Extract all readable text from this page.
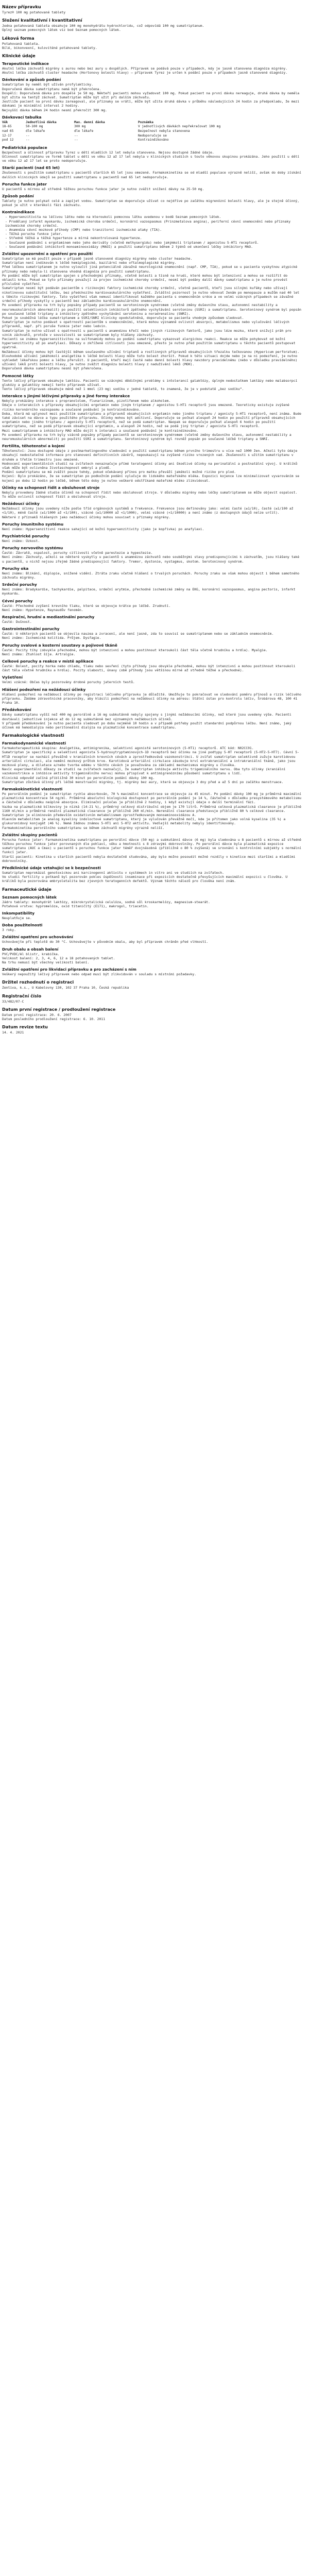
Název přípravku

Tyrez® 100 mg potahované tablety

Složení kvalitativní i kvantitativní

Jedna potahovaná tableta obsahuje 100 mg monohydrátu hydrochloridu, což odpovídá 100 mg sumatriptanum.

Úplný seznam pomocných látek viz bod Seznam pomocných látek.

Léková forma

Potahovaná tableta.

Bílé, bikonvexní, kuloviténé potahované tablety.

Klinické údaje
Terapeutické indikace

Akutní léčba záchvatů migrény s aurou nebo bez aury u dospělých. Přípravek se podává pouze v případech, kdy je jasně stanovena diagnóza migrény.

Akutní léčba záchvatů cluster headache (Hortonovy bolesti hlavy) – přípravek Tyrez je určen k podání pouze v případech jasně stanovené diagnózy.

Dávkování a způsob podání

Sumatriptan by neměl být užíván profylakticky.

Doporučená dávka sumatriptanu nemá být překročena.

Dospělí: Doporučená dávka pro dospělé je 50 mg. Někteří pacienti mohou vyžadovat 100 mg. Pokud pacient na první dávku nereaguje, druhá dávka by neměla být užita na tentýž záchvat. Sumatriptan může být užit při dalším záchvatu.

Jestliže pacient na první dávku zareagoval, ale příznaky se vrátí, může být užita druhá dávka v průběhu následujících 24 hodin za předpokladu, že mezi dávkami je minimální interval 2 hodiny.

Nejvyšší dávka během 24 hodin nesmí překročit 300 mg.

Dávkovací tabulka
Věk	Jednotlivá dávka	Max. denní dávka	Poznámka
18-65	50-100 mg	300 mg	V jednotlivých dávkách nepřekračovat 100 mg
nad 65	dle lékaře	dle lékaře	Bezpečnost nebyla stanovena
12-17	--	--	Nedoporučuje se
pod 12	--	--	Kontraindikováno
Pediatrická populace

Bezpečnost a účinnost přípravku Tyrez u dětí mladších 12 let nebyla stanovena. Nejsou dostupné žádné údaje.

Účinnost sumatriptanu ve formě tablet u dětí ve věku 12 až 17 let nebyla v klinických studiích s touto věkovou skupinou prokázána. Jeho použití u dětí ve věku 12 až 17 let se proto nedoporučuje.

Starší pacienti (nad 65 let)

Zkušenosti s použitím sumatriptanu u pacientů starších 65 let jsou omezené. Farmakokinetika se od mladší populace výrazně neliší, avšak do doby získání dalších klinických údajů se použití sumatriptanu u pacientů nad 65 let nedoporučuje.

Porucha funkce jater

U pacientů s mírnou až středně těžkou poruchou funkce jater je nutno zvážit snížení dávky na 25-50 mg.

Způsob podání

Tablety je nutno polykat celé a zapíjet vodou. Sumatriptan se doporučuje užívat co nejdříve po začátku migrenózní bolesti hlavy, ale je stejně účinný, pokud je užit v kterékoli fázi záchvatu.

Kontraindikace

- Hypersenzitivita na léčivou látku nebo na kteroukoli pomocnou látku uvedenou v bodě Seznam pomocných látek.

- Prodělaný infarkt myokardu, ischemická choroba srdeční, koronární vazospasmus (Prinzmetalova angina), periferní cévní onemocnění nebo příznaky ischemické choroby srdeční.

- Anamnéza cévní mozkové příhody (CMP) nebo tranzitorní ischemické ataky (TIA).

- Těžká porucha funkce jater.

- Středně těžká a těžká hypertenze a mírná nekontrolovaná hypertenze.

- Současné podávání s ergotaminem nebo jeho deriváty (včetně methysergidu) nebo jakýmkoli triptanem / agonistou 5-HT1 receptorů.

- Současné podávání inhibitorů monoaminooxidázy (MAOI) a použití sumatriptanu během 2 týdnů od ukončení léčby inhibitory MAO.

Zvláštní upozornění a opatření pro použití

Sumatriptan se má použít pouze v případě jasně stanovené diagnózy migrény nebo cluster headache.

Sumatriptan není indikován k léčbě hemiplegické, bazilární nebo oftalmoplegické migrény.

Před léčbou sumatriptanem je nutno vyloučit jiná potenciálně závažná neurologická onemocnění (např. CMP, TIA), pokud se u pacienta vyskytnou atypické příznaky nebo nebyla-li stanovena vhodná diagnóza pro použití sumatriptanu.

Po podání může být sumatriptan spojen s přechodnými příznaky, včetně bolesti a tísně na hrudi, které mohou být intenzivní a mohou se rozšířit do oblasti krku. Pokud se tyto příznaky považují za projev ischemické choroby srdeční, nesmí být podány další dávky sumatriptanu a je nutno provést příslušné vyšetření.

Sumatriptan nesmí být podáván pacientům s rizikovými faktory ischemické choroby srdeční, včetně pacientů, kteří jsou silnými kuřáky nebo užívají nikotinovou substituční léčbu, bez předchozího kardiovaskulárního vyšetření. Zvláštní pozornost je nutno věnovat ženám po menopauze a mužům nad 40 let s těmito rizikovými faktory. Tato vyšetření však nemusí identifikovat každého pacienta s onemocněním srdce a ve velmi vzácných případech se závažné srdeční příhody vyskytly u pacientů bez základního kardiovaskulárního onemocnění.

Po uvedení přípravku na trh byly popsány případy pacientů se serotoninovým syndromem (včetně změny duševního stavu, autonomní nestability a neuromuskulárních abnormalit) po použití selektivních inhibitorů zpětného vychytávání serotoninu (SSRI) a sumatriptanu. Serotoninový syndrom byl popsán po současné léčbě triptany a inhibitory zpětného vychytávání serotoninu a noradrenalinu (SNRI).

Pokud je souběžná léčba sumatriptanem a SSRI/SNRI klinicky opodstatněná, doporučuje se pacienta vhodným způsobem sledovat.

Sumatriptan je nutno podávat s opatrností pacientům s onemocněními, která mohou významně ovlivnit absorpci, metabolismus nebo vylučování léčivých přípravků, např. při poruše funkce jater nebo ledvin.

Sumatriptan je nutno užívat s opatrností u pacientů s anamnézou křečí nebo jiných rizikových faktorů, jako jsou léze mozku, které snižují práh pro vznik záchvatů, protože v souvislosti se sumatriptanem byly hlášeny záchvaty.

Pacienti se známou hypersenzitivitou na sulfonamidy mohou po podání sumatriptanu vykazovat alergickou reakci. Reakce se může pohybovat od kožní hypersenzitivity až po anafylaxi. Důkazy o zkřížené citlivosti jsou omezené, přesto je nutno před použitím sumatriptanu u těchto pacientů postupovat opatrně.

Nežádoucí účinky mohou být častější během současného užívání triptanů a rostlinných přípravků obsahujících třezalku tečkovanou (Hypericum perforatum).

Dlouhodobé užívání jakéhokoli analgetika k léčbě bolesti hlavy může tuto bolest zhoršit. Pokud k této situaci dojde nebo je na ni podezření, je nutno vyhledat lékařskou pomoc a léčbu přerušit. U pacientů, kteří mají časté nebo denní bolesti hlavy navzdory pravidelnému (nebo v důsledku pravidelného) užívání léků proti bolesti hlavy, je nutno zvážit diagnózu bolesti hlavy z nadužívání léků (MOH).

Doporučená dávka sumatriptanu nesmí být překročena.

Pomocné látky

Tento léčivý přípravek obsahuje laktózu. Pacienti se vzácnými dědičnými problémy s intolerancí galaktózy, úplným nedostatkem laktázy nebo malabsorpcí glukózy a galaktózy nemají tento přípravek užívat.

Tento léčivý přípravek obsahuje méně než 1 mmol (23 mg) sodíku v jedné tabletě, to znamená, že je v podstatě „bez sodíku“.

Interakce s jinými léčivými přípravky a jiné formy interakce

Nebyly prokázány interakce s propranololem, flunarizinem, pizotifenem nebo alkoholem.

Údaje o interakcích s přípravky obsahujícími ergotamin nebo jiným triptanem / agonistou 5-HT1 receptorů jsou omezené. Teoreticky existuje zvýšené riziko koronárního vazospasmu a současné podávání je kontraindikováno.

Doba, která má uplynout mezi použitím sumatriptanu a přípravků obsahujících ergotamin nebo jiného triptanu / agonisty 5-HT1 receptorů, není známa. Bude také záviset na dávce a typu použitého přípravku. Účinky mohou být aditivní. Doporučuje se počkat alespoň 24 hodin po použití přípravků obsahujících ergotamin nebo jiného triptanu / agonisty 5-HT1 receptorů, než se podá sumatriptan. Naopak se doporučuje počkat alespoň 6 hodin po použití sumatriptanu, než se podá přípravek obsahující ergotamin, a alespoň 24 hodin, než se podá jiný triptan / agonista 5-HT1 receptorů.

Mezi sumatriptanem a inhibitory MAO může dojít k interakci a současné podávání je kontraindikováno.

Po uvedení přípravku na trh byly vzácně popsány případy pacientů se serotoninovým syndromem (včetně změny duševního stavu, autonomní nestability a neuromuskulárních abnormalit) po použití SSRI a sumatriptanu. Serotoninový syndrom byl rovněž popsán po současné léčbě triptany a SNRI.

Fertilita, těhotenství a kojení

Těhotenství: Jsou dostupné údaje z postmarketingového sledování o použití sumatriptanu během prvního trimestru u více než 1000 žen. Ačkoli tyto údaje obsahují nedostatečné informace pro stanovení definitivních závěrů, nepoukazují na zvýšené riziko vrozených vad. Zkušenosti s užitím sumatriptanu v druhém a třetím trimestru jsou omezené.

Hodnocení experimentálních studií na zvířatech nenaznačuje přímé teratogenní účinky ani škodlivé účinky na perinatální a postnatální vývoj. U králíků však může být ovlivněna životaschopnost embryí a plodů.

Podání sumatriptanu se má zvážit pouze tehdy, pokud očekávaný přínos pro matku převáží jakékoli možné riziko pro plod.

Kojení: Bylo prokázáno, že se sumatriptan po podkožním podání vylučuje do lidského mateřského mléka. Expozici kojence lze minimalizovat vyvarováním se kojení po dobu 12 hodin po léčbě, během této doby je nutno veškeré odstříkané mateřské mléko zlikvidovat.

Účinky na schopnost řídit a obsluhovat stroje

Nebyly provedeny žádné studie účinků na schopnost řídit nebo obsluhovat stroje. V důsledku migrény nebo léčby sumatriptanem se může objevit ospalost. To může ovlivnit schopnost řídit a obsluhovat stroje.

Nežádoucí účinky

Nežádoucí účinky jsou uvedeny níže podle tříd orgánových systémů a frekvence. Frekvence jsou definovány jako: velmi časté (≥1/10), časté (≥1/100 až <1/10), méně časté (≥1/1000 až <1/100), vzácné (≥1/10000 až <1/1000), velmi vzácné (<1/10000) a není známo (z dostupných údajů nelze určit).

Některé z příznaků hlášených jako nežádoucí účinky mohou souviset s příznaky migrény.

Poruchy imunitního systému

Není známo: Hypersenzitivní reakce sahající od kožní hypersenzitivity (jako je kopřivka) po anafylaxi.

Psychiatrické poruchy

Není známo: Úzkost.

Poruchy nervového systému

Časté: Závratě, ospalost, poruchy citlivosti včetně parestezie a hypestezie.

Není známo: Záchvaty, ačkoli se některé vyskytly u pacientů s anamnézou záchvatů nebo souběžnými stavy predisponujícími k záchvatům, jsou hlášeny také u pacientů, u nichž nejsou zřejmé žádné predisponující faktory. Tremor, dystonie, nystagmus, skotom. Serotoninový syndrom.

Poruchy oka

Není známo: Blikání, diplopie, snížené vidění. Ztráta zraku včetně hlášení o trvalých poruchách. Poruchy zraku se však mohou objevit i během samotného záchvatu migrény.

Srdeční poruchy

Není známo: Bradykardie, tachykardie, palpitace, srdeční arytmie, přechodné ischemické změny na EKG, koronární vazospasmus, angina pectoris, infarkt myokardu.

Cévní poruchy

Časté: Přechodné zvýšení krevního tlaku, které se objevuje krátce po léčbě. Zrudnutí.

Není známo: Hypotenze, Raynaudův fenomén.

Respirační, hrudní a mediastinální poruchy

Časté: Dušnost.

Gastrointestinální poruchy

Časté: U některých pacientů se objevila nauzea a zvracení, ale není jasné, zda to souvisí se sumatriptanem nebo se základním onemocněním.

Není známo: Ischemická kolitida. Průjem. Dysfagie.

Poruchy svalové a kosterní soustavy a pojivové tkáně

Časté: Pocity tíhy (obvykle přechodné, mohou být intenzivní a mohou postihnout kteroukoli část těla včetně hrudníku a hrdla). Myalgie.

Není známo: Ztuhlost šíje. Artralgie.

Celkové poruchy a reakce v místě aplikace

Časté: Bolest, pocity horka nebo chladu, tlaku nebo sevření (tyto příhody jsou obvykle přechodné, mohou být intenzivní a mohou postihnout kteroukoli část těla včetně hrudníku a hrdla). Pocity slabosti, únavy (obě příhody jsou většinou mírné až středně těžké a přechodné).

Vyšetření

Velmi vzácné: Občas byly pozorovány drobné poruchy jaterních testů.

Hlášení podezření na nežádoucí účinky

Hlášení podezření na nežádoucí účinky po registraci léčivého přípravku je důležité. Umožňuje to pokračovat ve sledování poměru přínosů a rizik léčivého přípravku. Žádáme zdravotnické pracovníky, aby hlásili podezření na nežádoucí účinky na adresu: Státní ústav pro kontrolu léčiv, Šrobárova 48, 100 41 Praha 10.

Předávkování

Dávky sumatriptanu vyšší než 400 mg perorálně a 16 mg subkutánně nebyly spojeny s jinými nežádoucími účinky, než které jsou uvedeny výše. Pacienti dostávali jednotlivé injekce až do 12 mg subkutánně bez významných nežádoucích účinků.

V případě předávkování je nutno pacienta sledovat po dobu nejméně 10 hodin a v případě potřeby použít standardní podpůrnou léčbu. Není známo, jaký účinek má hemodialýza nebo peritoneální dialýza na plazmatické koncentrace sumatriptanu.

Farmakologické vlastnosti
Farmakodynamické vlastnosti

Farmakoterapeutická skupina: Analgetika, antimigrenika, selektivní agonisté serotoninových (5-HT1) receptorů. ATC kód: N02CC01.

Sumatriptan je specifický a selektivní agonista 5-hydroxytryptaminových-1D receptorů bez účinku na jiné podtypy 5-HT receptorů (5-HT2-5-HT7). Cévní 5-HT1D receptor se nachází převážně v kraniálních krevních cévách a zprostředkovává vazokonstrikci. U zvířat sumatriptan selektivně zužuje karotidovou arteriální cirkulaci, ale nemění mozkový průtok krve. Karotidová arteriální cirkulace zásobuje krví extrakraniální a intrakraniální tkáně, jako jsou mozkové pleny, a dilatace a/nebo tvorba edému v těchto cévách je považována za základní mechanismus migrény u člověka.

Navíc experimentální důkazy ze studií na zvířatech naznačují, že sumatriptan inhibuje aktivitu trigeminálního nervu. Oba tyto účinky (kraniální vazokonstrikce a inhibice aktivity trigeminálního nervu) mohou přispívat k antimigrenóznímu působení sumatriptanu u lidí.

Klinická odpověď začíná přibližně 30 minut po perorálním podání dávky 100 mg.

Sumatriptan zůstává účinný při léčbě menstruační migrény, tj. migrény bez aury, která se objevuje 3 dny před a až 5 dní po začátku menstruace.

Farmakokinetické vlastnosti

Po perorálním podání je sumatriptan rychle absorbován, 70 % maximální koncentrace se objevuje za 45 minut. Po podání dávky 100 mg je průměrná maximální plazmatická koncentrace 54 ng/ml. Průměrná absolutní biologická dostupnost po perorálním podání je 14 %, částečně v důsledku presystémového metabolismu a částečně v důsledku neúplné absorpce. Eliminační poločas je přibližně 2 hodiny, i když existují údaje o delší terminální fázi.

Vazba na plazmatické bílkoviny je nízká (14-21 %), průměrný celkový distribuční objem je 170 litrů. Průměrná celková plazmatická clearance je přibližně 1160 ml/min a průměrná renální plazmatická clearance je přibližně 260 ml/min. Nerenální clearance představuje přibližně 80 % celkové clearance. Sumatriptan je eliminován především oxidativním metabolismem zprostředkovaným monoaminooxidázou A.

Hlavním metabolitem je analog kyseliny indoloctové sumatriptanu, který je vylučován převážně močí, kde je přítomen jako volná kyselina (35 %) a glukuronidový konjugát (46 %). Nemá žádnou známou 5-HT1 ani 5-HT2 aktivitu. Vedlejší metabolity nebyly identifikovány.

Farmakokinetika perorálního sumatriptanu se během záchvatů migrény výrazně neliší.

Zvláštní skupiny pacientů

Porucha funkce jater: Farmakokinetika sumatriptanu po perorální dávce (50 mg) a subkutánní dávce (6 mg) byla sledována u 8 pacientů s mírnou až středně těžkou poruchou funkce jater porovnaných dle pohlaví, věku a hmotnosti s 8 zdravými dobrovolníky. Po perorální dávce byla plazmatická expozice sumatriptanu (AUC a Cmax) u pacientů s poruchou funkce jater téměř dvojnásobná (přibližně o 80 % zvýšená) ve srovnání s kontrolními subjekty s normální funkcí jater.

Starší pacienti: Kinetika u starších pacientů nebyla dostatečně studována, aby bylo možno posoudit možné rozdíly v kinetice mezi staršími a mladšími dobrovolníky.

Předklinické údaje vztahující se k bezpečnosti

Sumatriptan neprokázal genotoxickou ani karcinogenní aktivitu v systémech in vitro ani ve studiích na zvířatech.

Ve studii fertility u potkanů byl pozorován pokles úspěšnosti inseminace při expozicích dostatečně převyšujících maximální expozici u člověka. U králíků byla pozorována embryoletalita bez zjevných teratogenních defektů. Význam těchto nálezů pro člověka není znám.

Farmaceutické údaje
Seznam pomocných látek

Jádro tablety: monohydrát laktózy, mikrokrystalická celulóza, sodná sůl kroskarmelózy, magnesium-stearát.

Potahová vrstva: hypromelóza, oxid titaničitý (E171), makrogol, triacetin.

Inkompatibility

Neuplatňuje se.

Doba použitelnosti

3 roky.

Zvláštní opatření pro uchovávání

Uchovávejte při teplotě do 30 °C. Uchovávejte v původním obalu, aby byl přípravek chráněn před vlhkostí.

Druh obalu a obsah balení

PVC/PVDC/Al blistr, krabička.

Velikost balení: 2, 3, 4, 6, 12 a 18 potahovaných tablet.

Na trhu nemusí být všechny velikosti balení.

Zvláštní opatření pro likvidaci přípravku a pro zacházení s ním

Veškerý nepoužitý léčivý přípravek nebo odpad musí být zlikvidován v souladu s místními požadavky.

Držitel rozhodnutí o registraci

Zentiva, k.s., U Kabelovny 130, 102 37 Praha 10, Česká republika

Registrační číslo

33/482/07-C

Datum první registrace / prodloužení registrace

Datum první registrace: 20. 6. 2007

Datum posledního prodloužení registrace: 6. 10. 2011

Datum revize textu

14. 4. 2021
